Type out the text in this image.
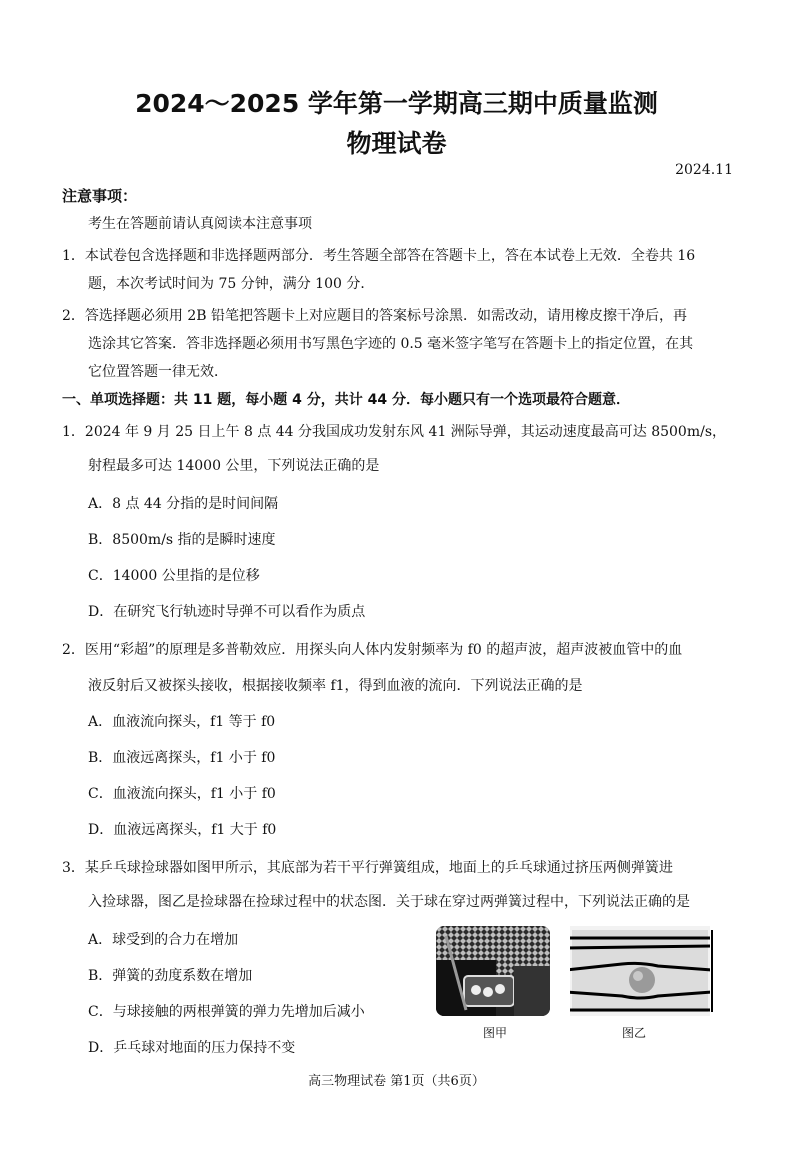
2024～2025 学年第一学期高三期中质量监测
物理试卷
2024.11
注意事项：
考生在答题前请认真阅读本注意事项
1．本试卷包含选择题和非选择题两部分．考生答题全部答在答题卡上，答在本试卷上无效．全卷共 16
题，本次考试时间为 75 分钟，满分 100 分．
2．答选择题必须用 2B 铅笔把答题卡上对应题目的答案标号涂黑．如需改动，请用橡皮擦干净后，再
选涂其它答案．答非选择题必须用书写黑色字迹的 0.5 毫米签字笔写在答题卡上的指定位置，在其
它位置答题一律无效．
一、单项选择题：共 11 题，每小题 4 分，共计 44 分．每小题只有一个选项最符合题意．
1．2024 年 9 月 25 日上午 8 点 44 分我国成功发射东风 41 洲际导弹，其运动速度最高可达 8500m/s，
射程最多可达 14000 公里，下列说法正确的是
A．8 点 44 分指的是时间间隔
B．8500m/s 指的是瞬时速度
C．14000 公里指的是位移
D．在研究飞行轨迹时导弹不可以看作为质点
2．医用“彩超”的原理是多普勒效应．用探头向人体内发射频率为 f0 的超声波，超声波被血管中的血
液反射后又被探头接收，根据接收频率 f1，得到血液的流向．下列说法正确的是
A．血液流向探头，f1 等于 f0
B．血液远离探头，f1 小于 f0
C．血液流向探头，f1 小于 f0
D．血液远离探头，f1 大于 f0
3．某乒乓球捡球器如图甲所示，其底部为若干平行弹簧组成，地面上的乒乓球通过挤压两侧弹簧进
入捡球器，图乙是捡球器在捡球过程中的状态图．关于球在穿过两弹簧过程中，下列说法正确的是
A．球受到的合力在增加
B．弹簧的劲度系数在增加
C．与球接触的两根弹簧的弹力先增加后减小
D．乒乓球对地面的压力保持不变
图甲	图乙
高三物理试卷 第1页（共6页）
